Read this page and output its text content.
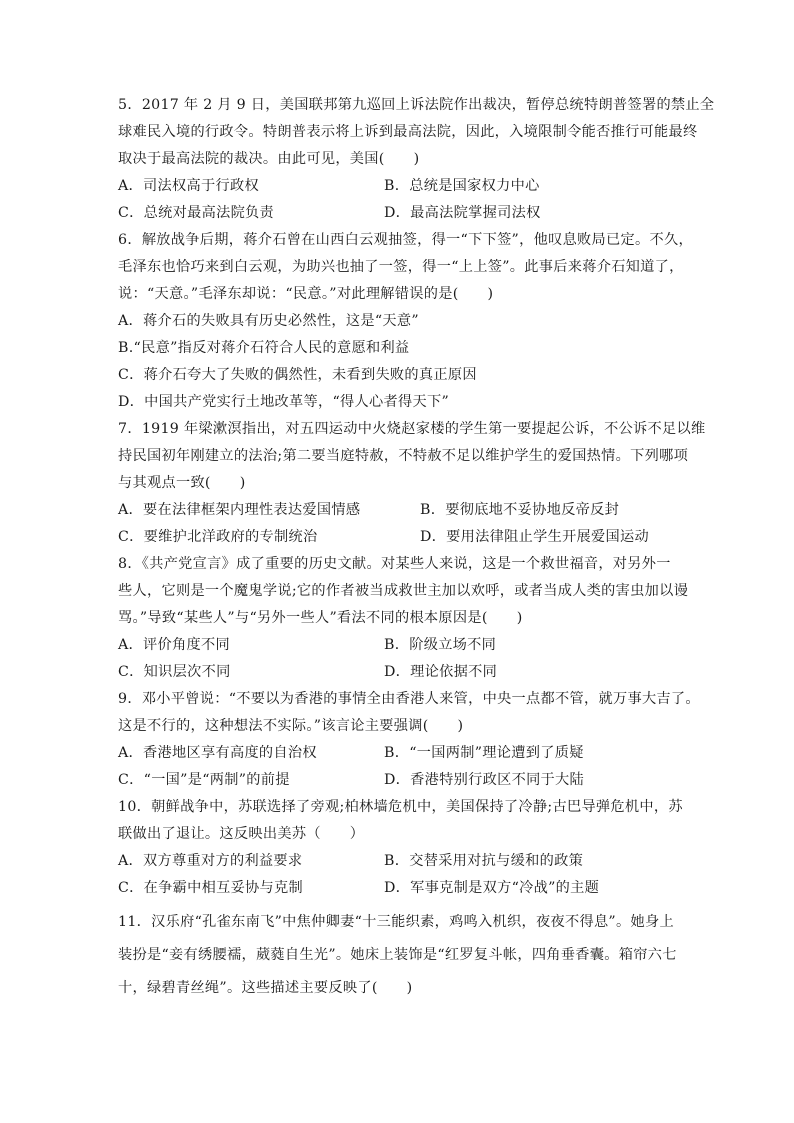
5．2017 年 2 月 9 日，美国联邦第九巡回上诉法院作出裁决，暂停总统特朗普签署的禁止全
球难民入境的行政令。特朗普表示将上诉到最高法院，因此，入境限制令能否推行可能最终
取决于最高法院的裁决。由此可见，美国(　　)
A．司法权高于行政权	B．总统是国家权力中心
C．总统对最高法院负责	D．最高法院掌握司法权
6．解放战争后期，蒋介石曾在山西白云观抽签，得一“下下签”，他叹息败局已定。不久，
毛泽东也恰巧来到白云观，为助兴也抽了一签，得一“上上签”。此事后来蒋介石知道了，
说：“天意。”毛泽东却说：“民意。”对此理解错误的是(　　)
A．蒋介石的失败具有历史必然性，这是“天意”
B.“民意”指反对蒋介石符合人民的意愿和利益
C．蒋介石夸大了失败的偶然性，未看到失败的真正原因
D．中国共产党实行土地改革等，“得人心者得天下”
7．1919 年梁漱溟指出，对五四运动中火烧赵家楼的学生第一要提起公诉，不公诉不足以维
持民国初年刚建立的法治;第二要当庭特赦，不特赦不足以维护学生的爱国热情。下列哪项
与其观点一致(　　)
A．要在法律框架内理性表达爱国情感	B．要彻底地不妥协地反帝反封
C．要维护北洋政府的专制统治	D．要用法律阻止学生开展爱国运动
8．《共产党宣言》成了重要的历史文献。对某些人来说，这是一个救世福音，对另外一
些人，它则是一个魔鬼学说;它的作者被当成救世主加以欢呼，或者当成人类的害虫加以谩
骂。”导致“某些人”与“另外一些人”看法不同的根本原因是(　　)
A．评价角度不同	B．阶级立场不同
C．知识层次不同	D．理论依据不同
9．邓小平曾说：“不要以为香港的事情全由香港人来管，中央一点都不管，就万事大吉了。
这是不行的，这种想法不实际。”该言论主要强调(　　)
A．香港地区享有高度的自治权	B．“一国两制”理论遭到了质疑
C．“一国”是“两制”的前提	D．香港特别行政区不同于大陆
10．朝鲜战争中，苏联选择了旁观;柏林墙危机中，美国保持了冷静;古巴导弹危机中，苏
联做出了退让。这反映出美苏（　　）
A．双方尊重对方的利益要求	B．交替采用对抗与缓和的政策
C．在争霸中相互妥协与克制	D．军事克制是双方“冷战”的主题
11．汉乐府“孔雀东南飞”中焦仲卿妻“十三能织素，鸡鸣入机织，夜夜不得息”。她身上
装扮是“妾有绣腰襦，葳蕤自生光”。她床上装饰是“红罗复斗帐，四角垂香囊。箱帘六七
十，绿碧青丝绳”。这些描述主要反映了(　　)
